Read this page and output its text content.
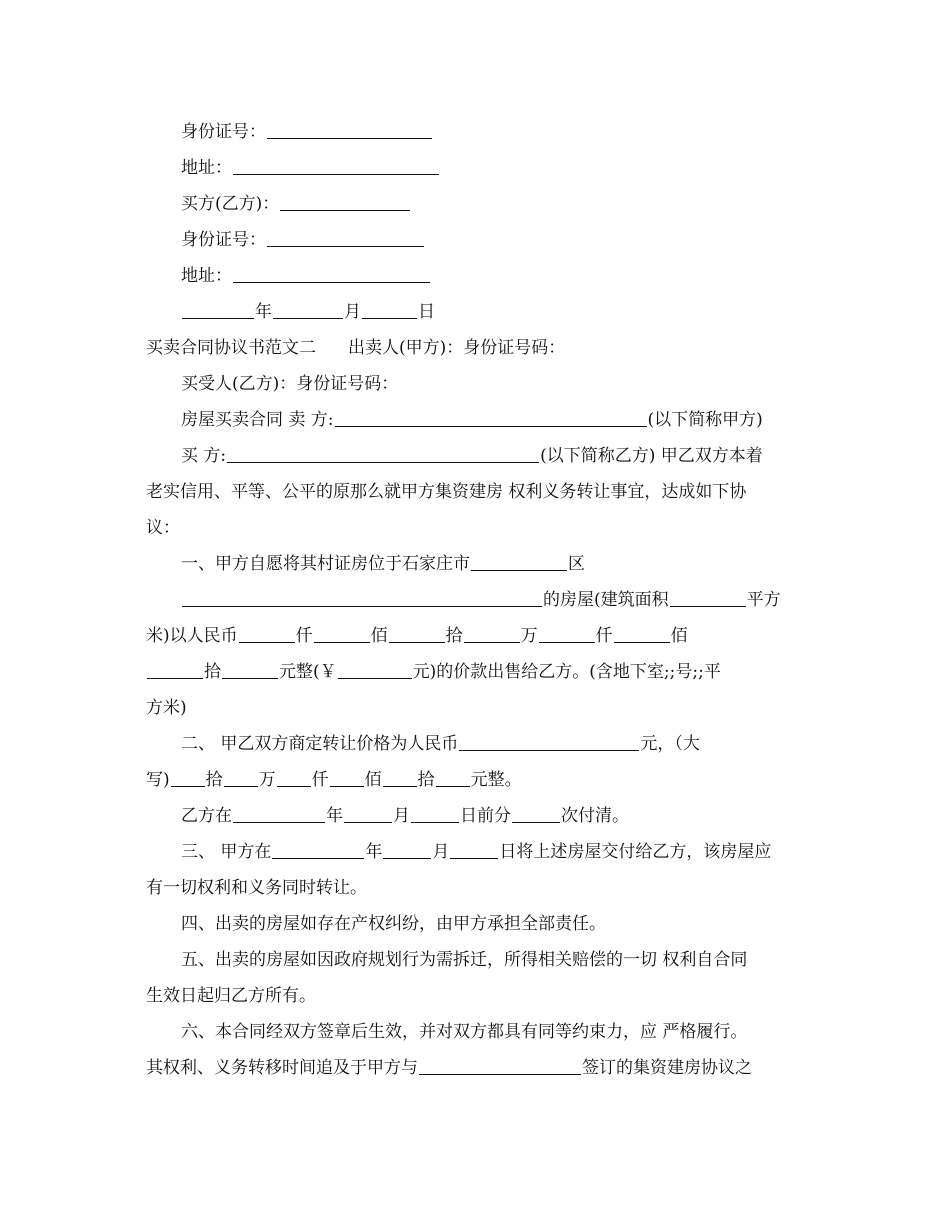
身份证号：
地址：
买方(乙方)：
身份证号：
地址：
年	月	日
买卖合同协议书范文二 出卖人(甲方)：身份证号码：
买受人(乙方)：身份证号码：
房屋买卖合同 卖 方:	(以下简称甲方)
买 方:	(以下简称乙方) 甲乙双方本着
老实信用、平等、公平的原那么就甲方集资建房 权利义务转让事宜，达成如下协
议：
一、甲方自愿将其村证房位于石家庄市	区
的房屋(建筑面积	平方
米)以人民币	仟	佰	拾	万	仟	佰
拾	元整(￥	元)的价款出售给乙方。(含地下室;;号;;平
方米)
二、 甲乙双方商定转让价格为人民币	元，（大
写) 拾 万 仟 佰 拾 元整。
乙方在	年	月	日前分	次付清。
三、 甲方在	年	月	日将上述房屋交付给乙方，该房屋应
有一切权利和义务同时转让。
四、出卖的房屋如存在产权纠纷，由甲方承担全部责任。
五、出卖的房屋如因政府规划行为需拆迁，所得相关赔偿的一切 权利自合同
生效日起归乙方所有。
六、本合同经双方签章后生效，并对双方都具有同等约束力，应 严格履行。
其权利、义务转移时间追及于甲方与	签订的集资建房协议之
